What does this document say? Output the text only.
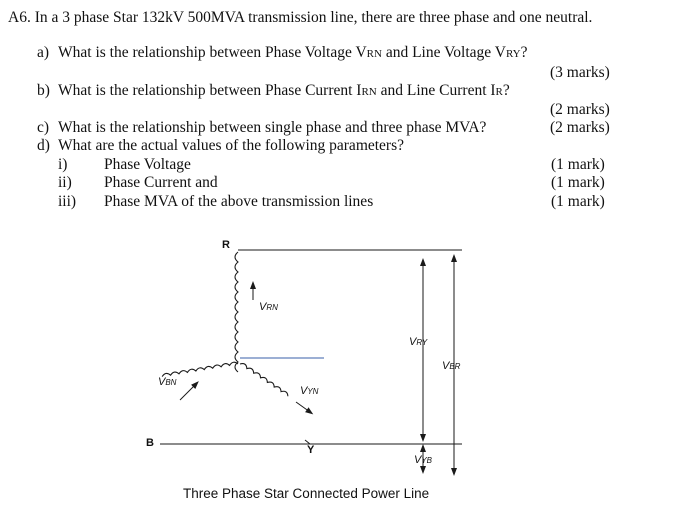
A6. In a 3 phase Star 132kV 500MVA transmission line, there are three phase and one neutral.
a) What is the relationship between Phase Voltage VRN and Line Voltage VRY?
(3 marks)
b) What is the relationship between Phase Current IRN and Line Current IR?
(2 marks)
c) What is the relationship between single phase and three phase MVA?	(2 marks)
d) What are the actual values of the following parameters?
i) Phase Voltage	(1 mark)
ii) Phase Current and	(1 mark)
iii) Phase MVA of the above transmission lines	(1 mark)
R
B
Y
VRN
VBN
VYN
VRY
VBR
VYB
Three Phase Star Connected Power Line
